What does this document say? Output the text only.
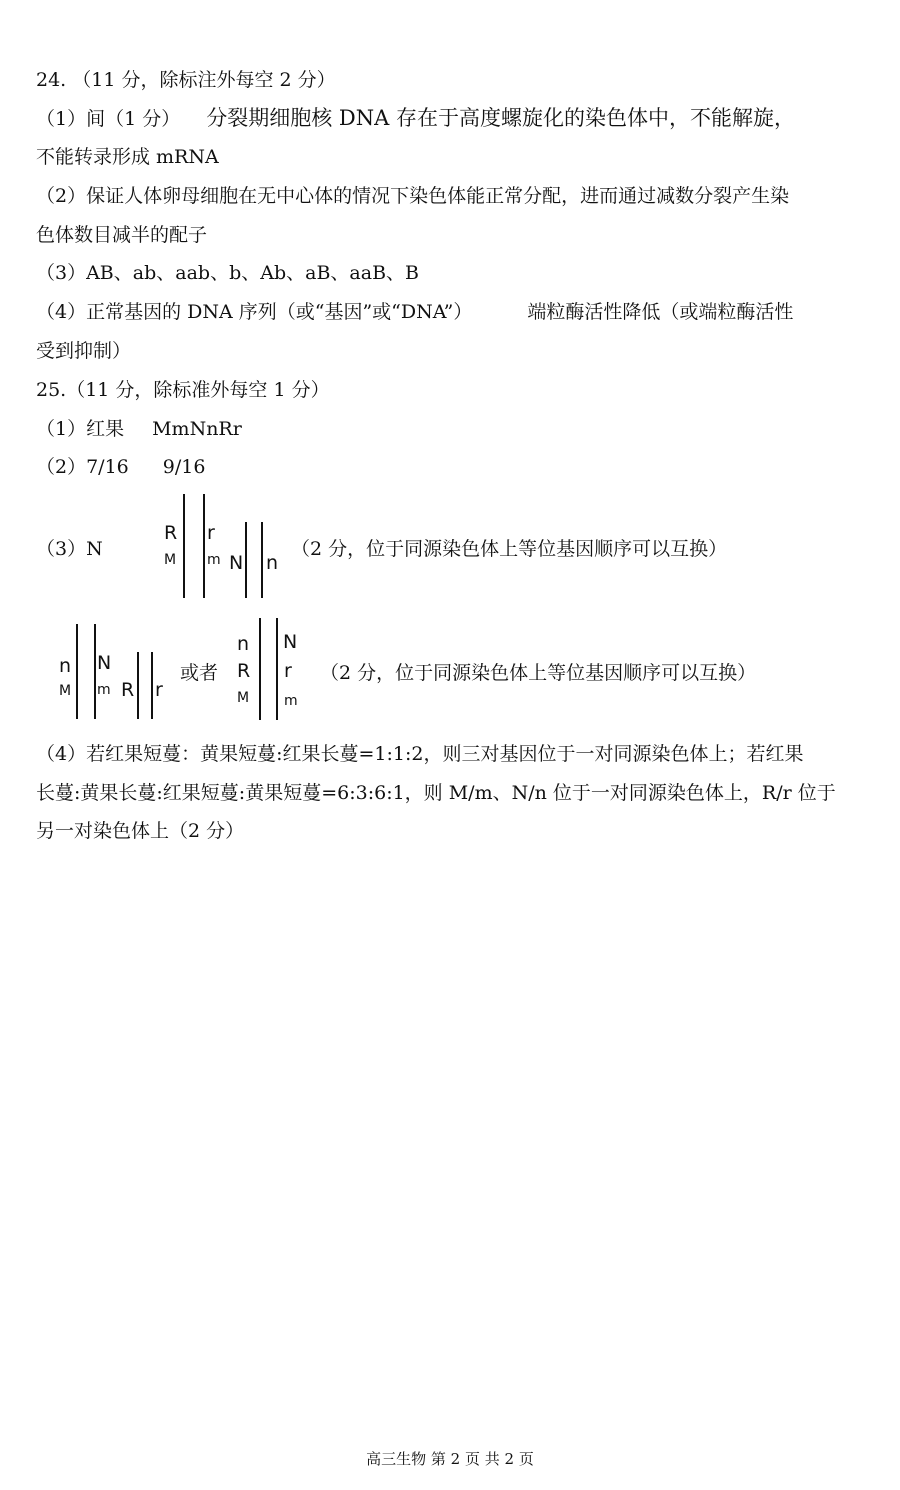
24. （11 分，除标注外每空 2 分）
（1）间（1 分） 分裂期细胞核 DNA 存在于高度螺旋化的染色体中，不能解旋，
不能转录形成 mRNA
（2）保证人体卵母细胞在无中心体的情况下染色体能正常分配，进而通过减数分裂产生染
色体数目减半的配子
（3）AB、ab、aab、b、Ab、aB、aaB、B
（4）正常基因的 DNA 序列（或“基因”或“DNA”）	端粒酶活性降低（或端粒酶活性
受到抑制）
25.（11 分，除标准外每空 1 分）
（1）红果 MmNnRr
（2）7/16 9/16
（3）N
R
M
r
m N n
（2 分，位于同源染色体上等位基因顺序可以互换）
n
M
N
m R r
或者
n
R
M
N
r
m
（2 分，位于同源染色体上等位基因顺序可以互换）
（4）若红果短蔓：黄果短蔓:红果长蔓=1:1:2，则三对基因位于一对同源染色体上；若红果
长蔓:黄果长蔓:红果短蔓:黄果短蔓=6:3:6:1，则 M/m、N/n 位于一对同源染色体上，R/r 位于
另一对染色体上（2 分）
高三生物 第 2 页 共 2 页
